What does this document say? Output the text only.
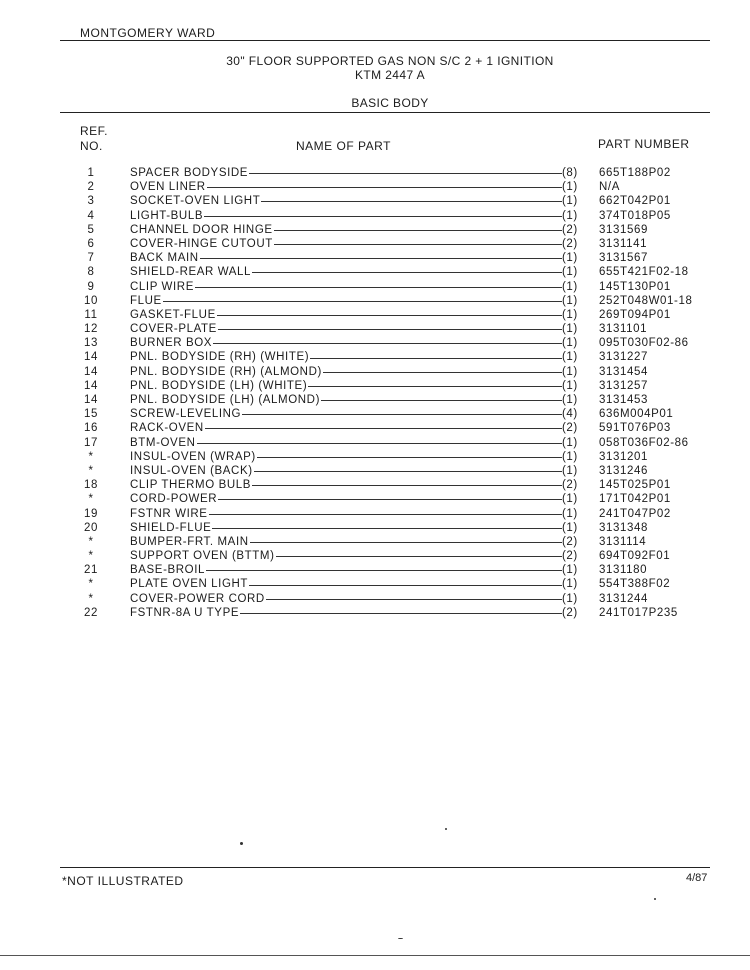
MONTGOMERY WARD
30" FLOOR SUPPORTED GAS NON S/C 2 + 1 IGNITION
KTM 2447 A
BASIC BODY
REF.
NO.	NAME OF PART	PART NUMBER
1	SPACER BODYSIDE	(8)	665T188P02
2	OVEN LINER	(1)	N/A
3	SOCKET-OVEN LIGHT	(1)	662T042P01
4	LIGHT-BULB	(1)	374T018P05
5	CHANNEL DOOR HINGE	(2)	3131569
6	COVER-HINGE CUTOUT	(2)	3131141
7	BACK MAIN	(1)	3131567
8	SHIELD-REAR WALL	(1)	655T421F02-18
9	CLIP WIRE	(1)	145T130P01
10	FLUE	(1)	252T048W01-18
11	GASKET-FLUE	(1)	269T094P01
12	COVER-PLATE	(1)	3131101
13	BURNER BOX	(1)	095T030F02-86
14	PNL. BODYSIDE (RH) (WHITE)	(1)	3131227
14	PNL. BODYSIDE (RH) (ALMOND)	(1)	3131454
14	PNL. BODYSIDE (LH) (WHITE)	(1)	3131257
14	PNL. BODYSIDE (LH) (ALMOND)	(1)	3131453
15	SCREW-LEVELING	(4)	636M004P01
16	RACK-OVEN	(2)	591T076P03
17	BTM-OVEN	(1)	058T036F02-86
*	INSUL-OVEN (WRAP)	(1)	3131201
*	INSUL-OVEN (BACK)	(1)	3131246
18	CLIP THERMO BULB	(2)	145T025P01
*	CORD-POWER	(1)	171T042P01
19	FSTNR WIRE	(1)	241T047P02
20	SHIELD-FLUE	(1)	3131348
*	BUMPER-FRT. MAIN	(2)	3131114
*	SUPPORT OVEN (BTTM)	(2)	694T092F01
21	BASE-BROIL	(1)	3131180
*	PLATE OVEN LIGHT	(1)	554T388F02
*	COVER-POWER CORD	(1)	3131244
22	FSTNR-8A U TYPE	(2)	241T017P235
*NOT ILLUSTRATED	4/87
